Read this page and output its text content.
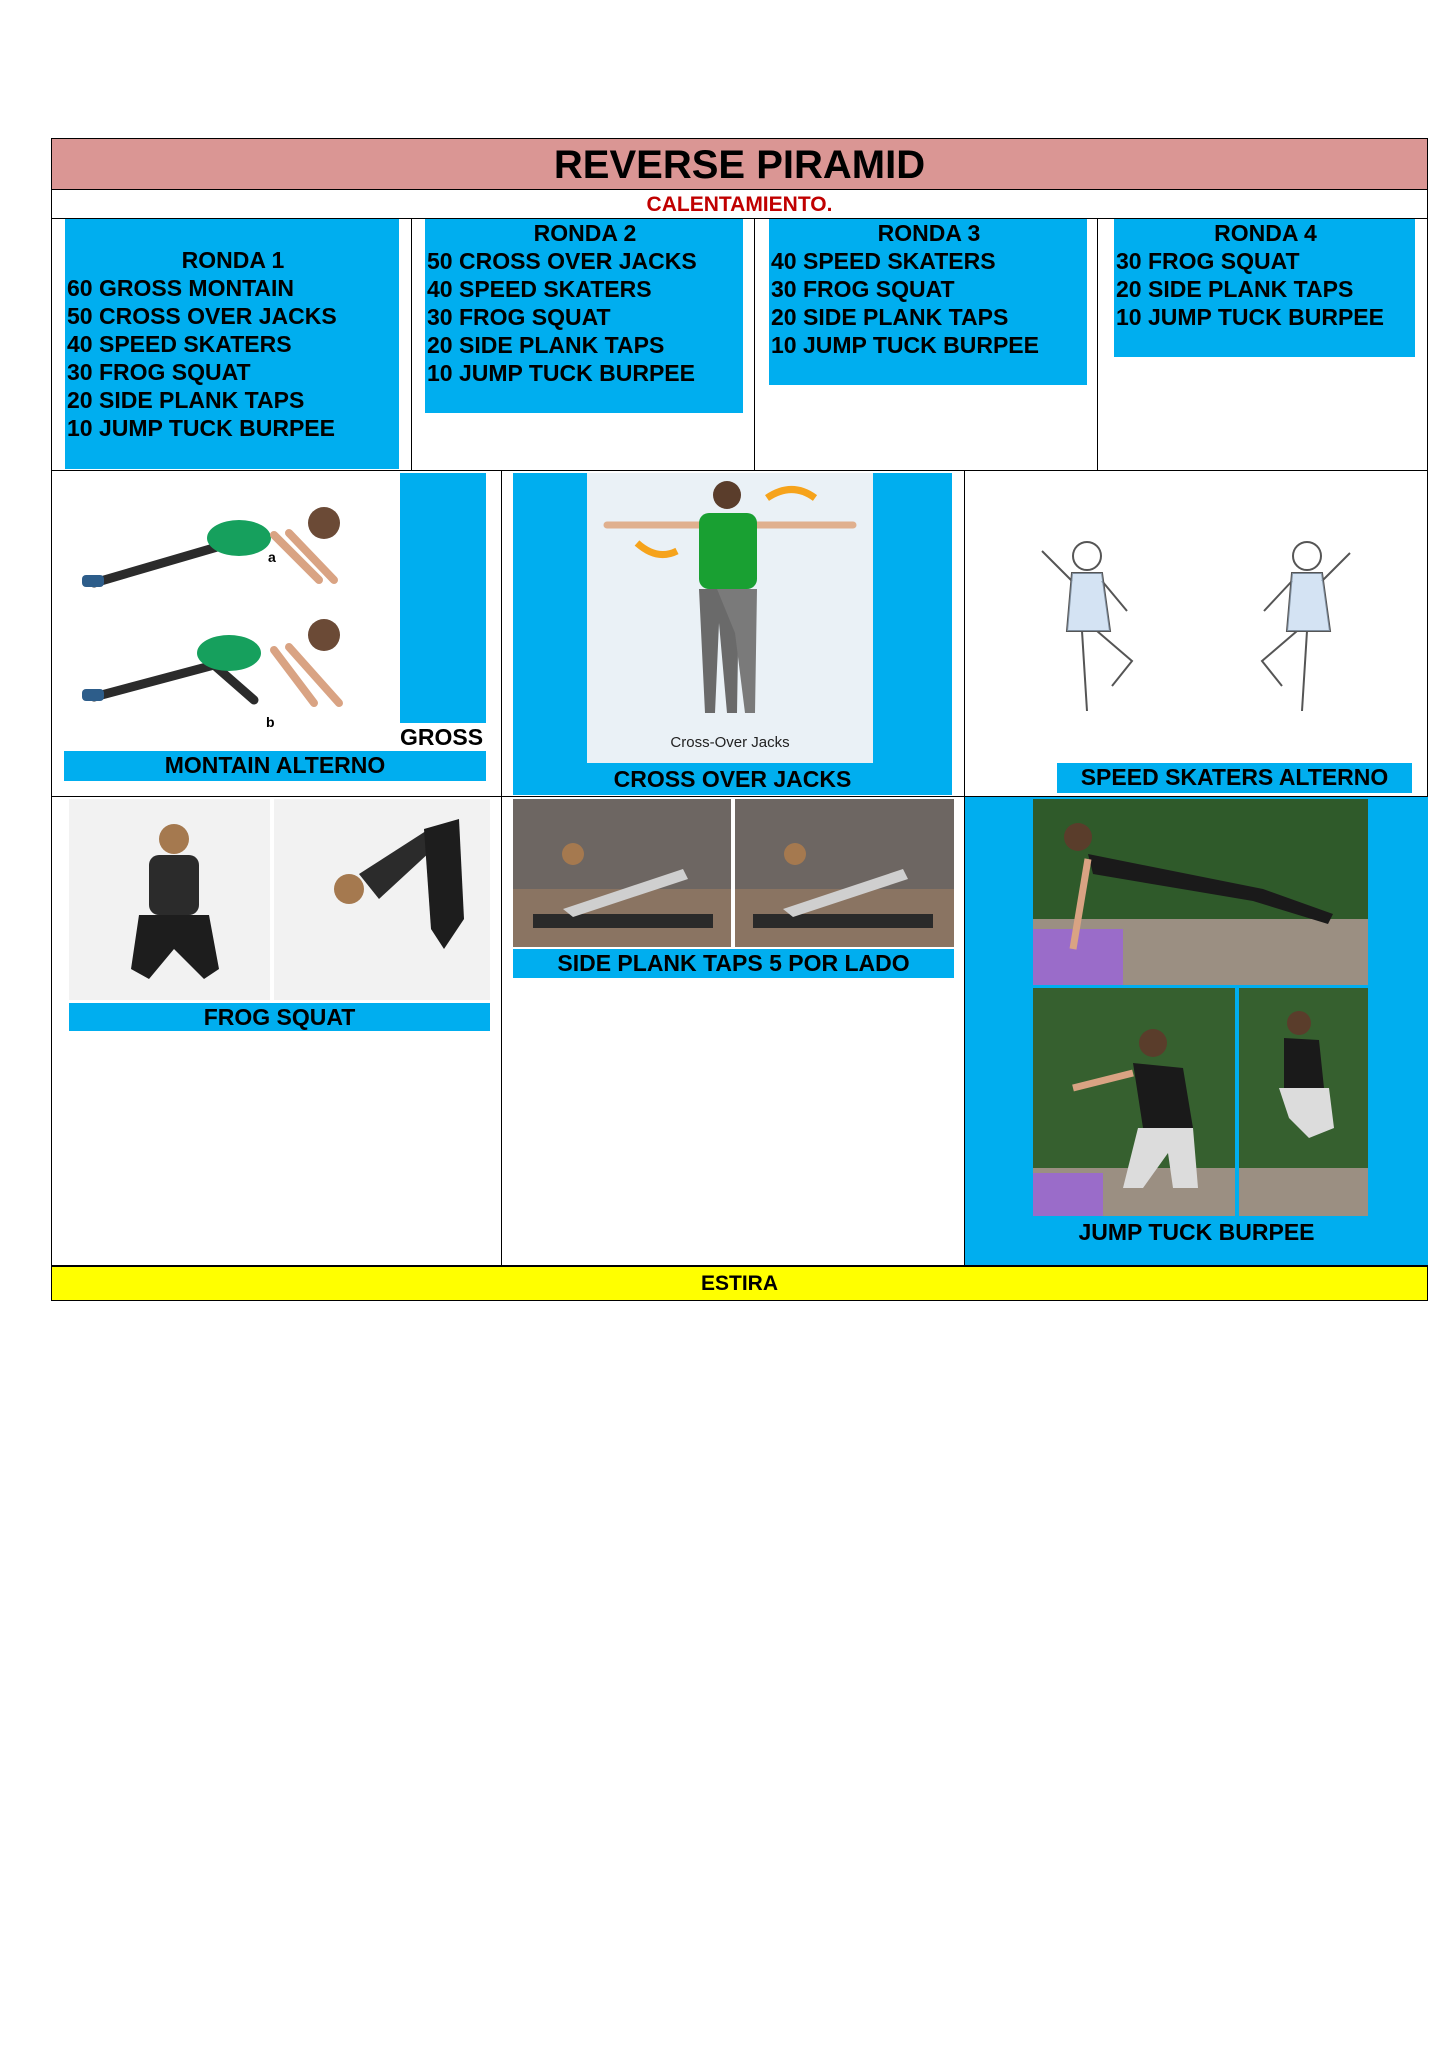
REVERSE PIRAMID
CALENTAMIENTO.
RONDA 1
60 GROSS MONTAIN
50 CROSS OVER JACKS
40 SPEED SKATERS
30 FROG SQUAT
20 SIDE PLANK TAPS
10 JUMP TUCK BURPEE
RONDA 2
50 CROSS OVER JACKS
40 SPEED SKATERS
30 FROG SQUAT
20 SIDE PLANK TAPS
10 JUMP TUCK BURPEE
RONDA 3
40 SPEED SKATERS
30 FROG SQUAT
20 SIDE PLANK TAPS
10 JUMP TUCK BURPEE
RONDA 4
30 FROG SQUAT
20 SIDE PLANK TAPS
10 JUMP TUCK BURPEE
a
b
GROSS
MONTAIN ALTERNO
Cross-Over Jacks
CROSS OVER JACKS	SPEED SKATERS ALTERNO
FROG SQUAT
SIDE PLANK TAPS 5 POR LADO
JUMP TUCK BURPEE
ESTIRA
